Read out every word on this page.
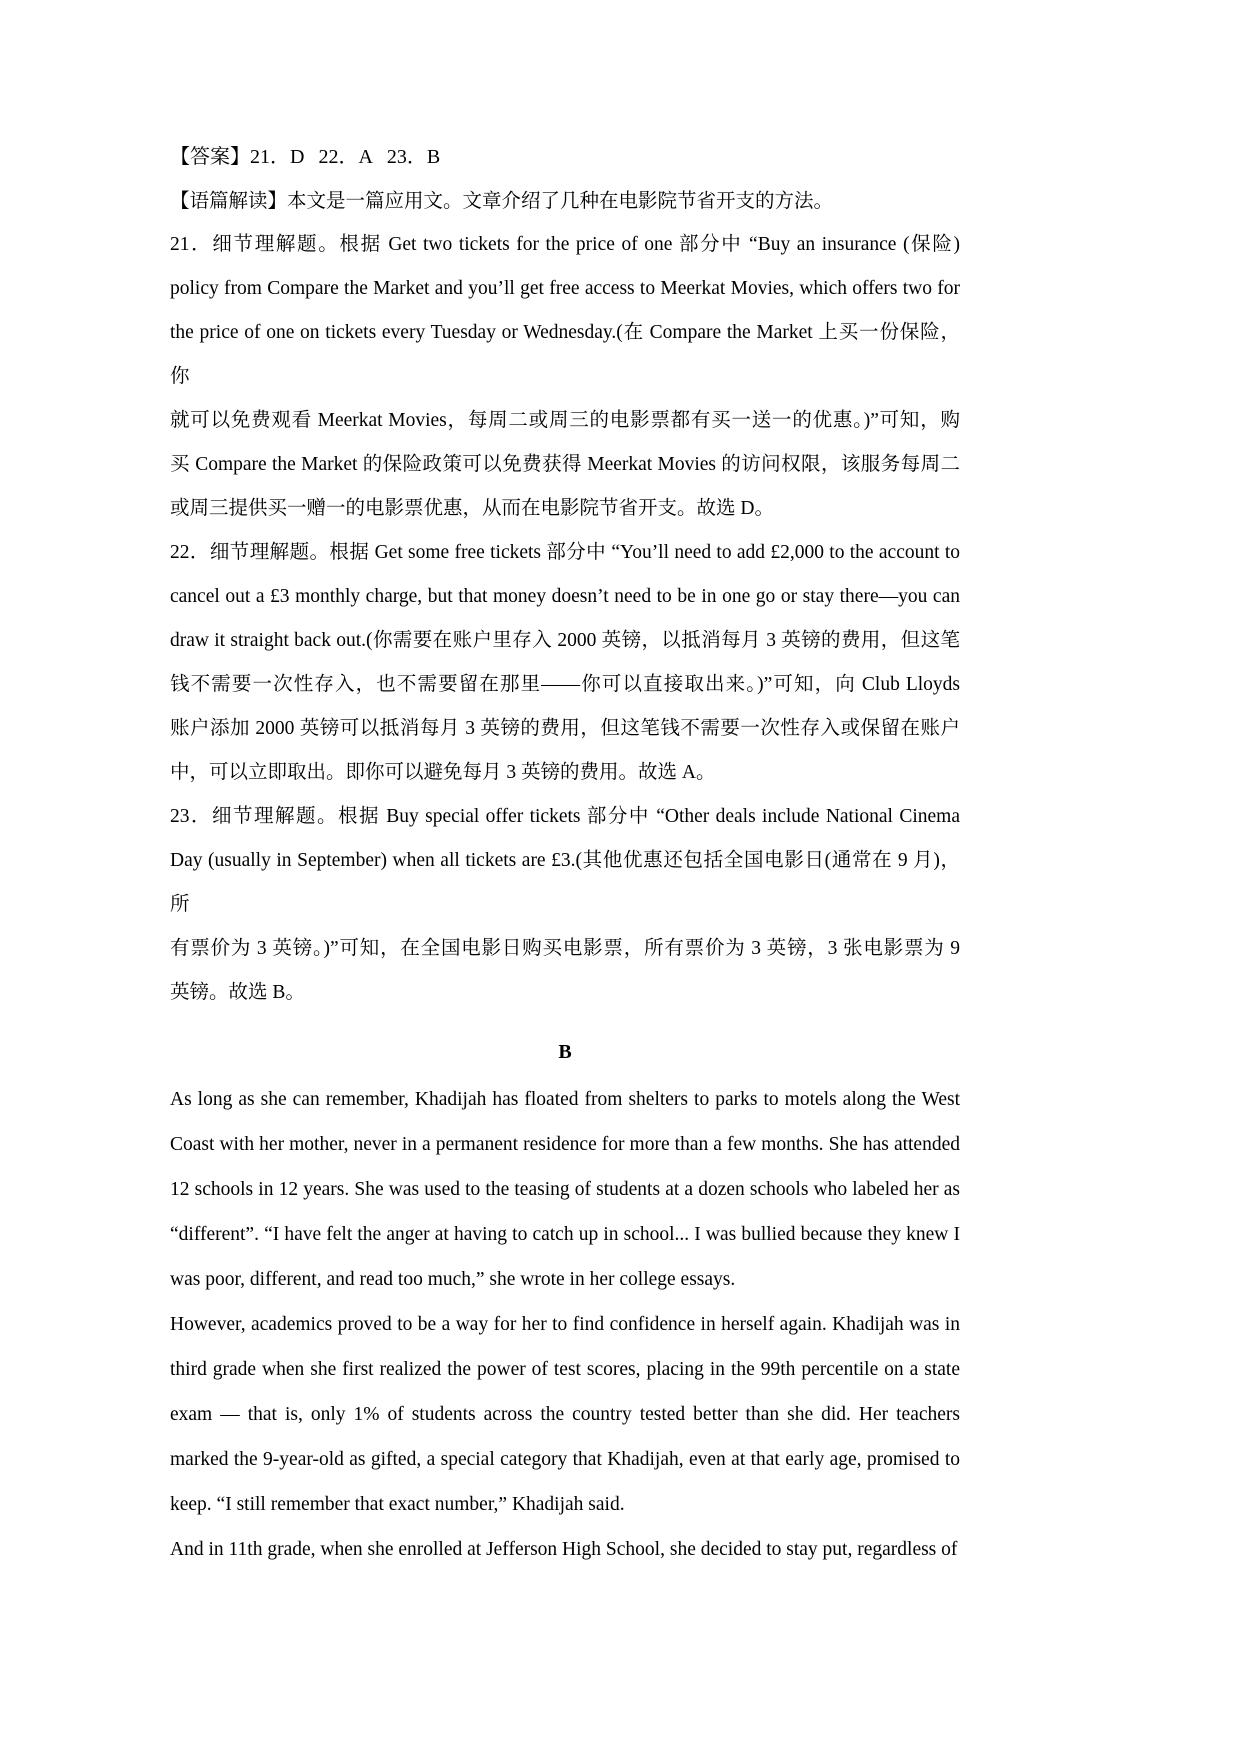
【答案】21．D 22．A 23．B
【语篇解读】本文是一篇应用文。文章介绍了几种在电影院节省开支的方法。
21．细节理解题。根据 Get two tickets for the price of one 部分中 “Buy an insurance (保险)
policy from Compare the Market and you’ll get free access to Meerkat Movies, which offers two for
the price of one on tickets every Tuesday or Wednesday.(在 Compare the Market 上买一份保险，你
就可以免费观看 Meerkat Movies，每周二或周三的电影票都有买一送一的优惠。)”可知，购
买 Compare the Market 的保险政策可以免费获得 Meerkat Movies 的访问权限，该服务每周二
或周三提供买一赠一的电影票优惠，从而在电影院节省开支。故选 D。
22．细节理解题。根据 Get some free tickets 部分中 “You’ll need to add £2,000 to the account to
cancel out a £3 monthly charge, but that money doesn’t need to be in one go or stay there—you can
draw it straight back out.(你需要在账户里存入 2000 英镑，以抵消每月 3 英镑的费用，但这笔
钱不需要一次性存入，也不需要留在那里——你可以直接取出来。)”可知，向 Club Lloyds
账户添加 2000 英镑可以抵消每月 3 英镑的费用，但这笔钱不需要一次性存入或保留在账户
中，可以立即取出。即你可以避免每月 3 英镑的费用。故选 A。
23．细节理解题。根据 Buy special offer tickets 部分中 “Other deals include National Cinema
Day (usually in September) when all tickets are £3.(其他优惠还包括全国电影日(通常在 9 月)，所
有票价为 3 英镑。)”可知，在全国电影日购买电影票，所有票价为 3 英镑，3 张电影票为 9
英镑。故选 B。
B
As long as she can remember, Khadijah has floated from shelters to parks to motels along the West
Coast with her mother, never in a permanent residence for more than a few months. She has attended
12 schools in 12 years. She was used to the teasing of students at a dozen schools who labeled her as
“different”. “I have felt the anger at having to catch up in school... I was bullied because they knew I
was poor, different, and read too much,” she wrote in her college essays.
However, academics proved to be a way for her to find confidence in herself again. Khadijah was in
third grade when she first realized the power of test scores, placing in the 99th percentile on a state
exam — that is, only 1% of students across the country tested better than she did. Her teachers
marked the 9-year-old as gifted, a special category that Khadijah, even at that early age, promised to
keep. “I still remember that exact number,” Khadijah said.
And in 11th grade, when she enrolled at Jefferson High School, she decided to stay put, regardless of
